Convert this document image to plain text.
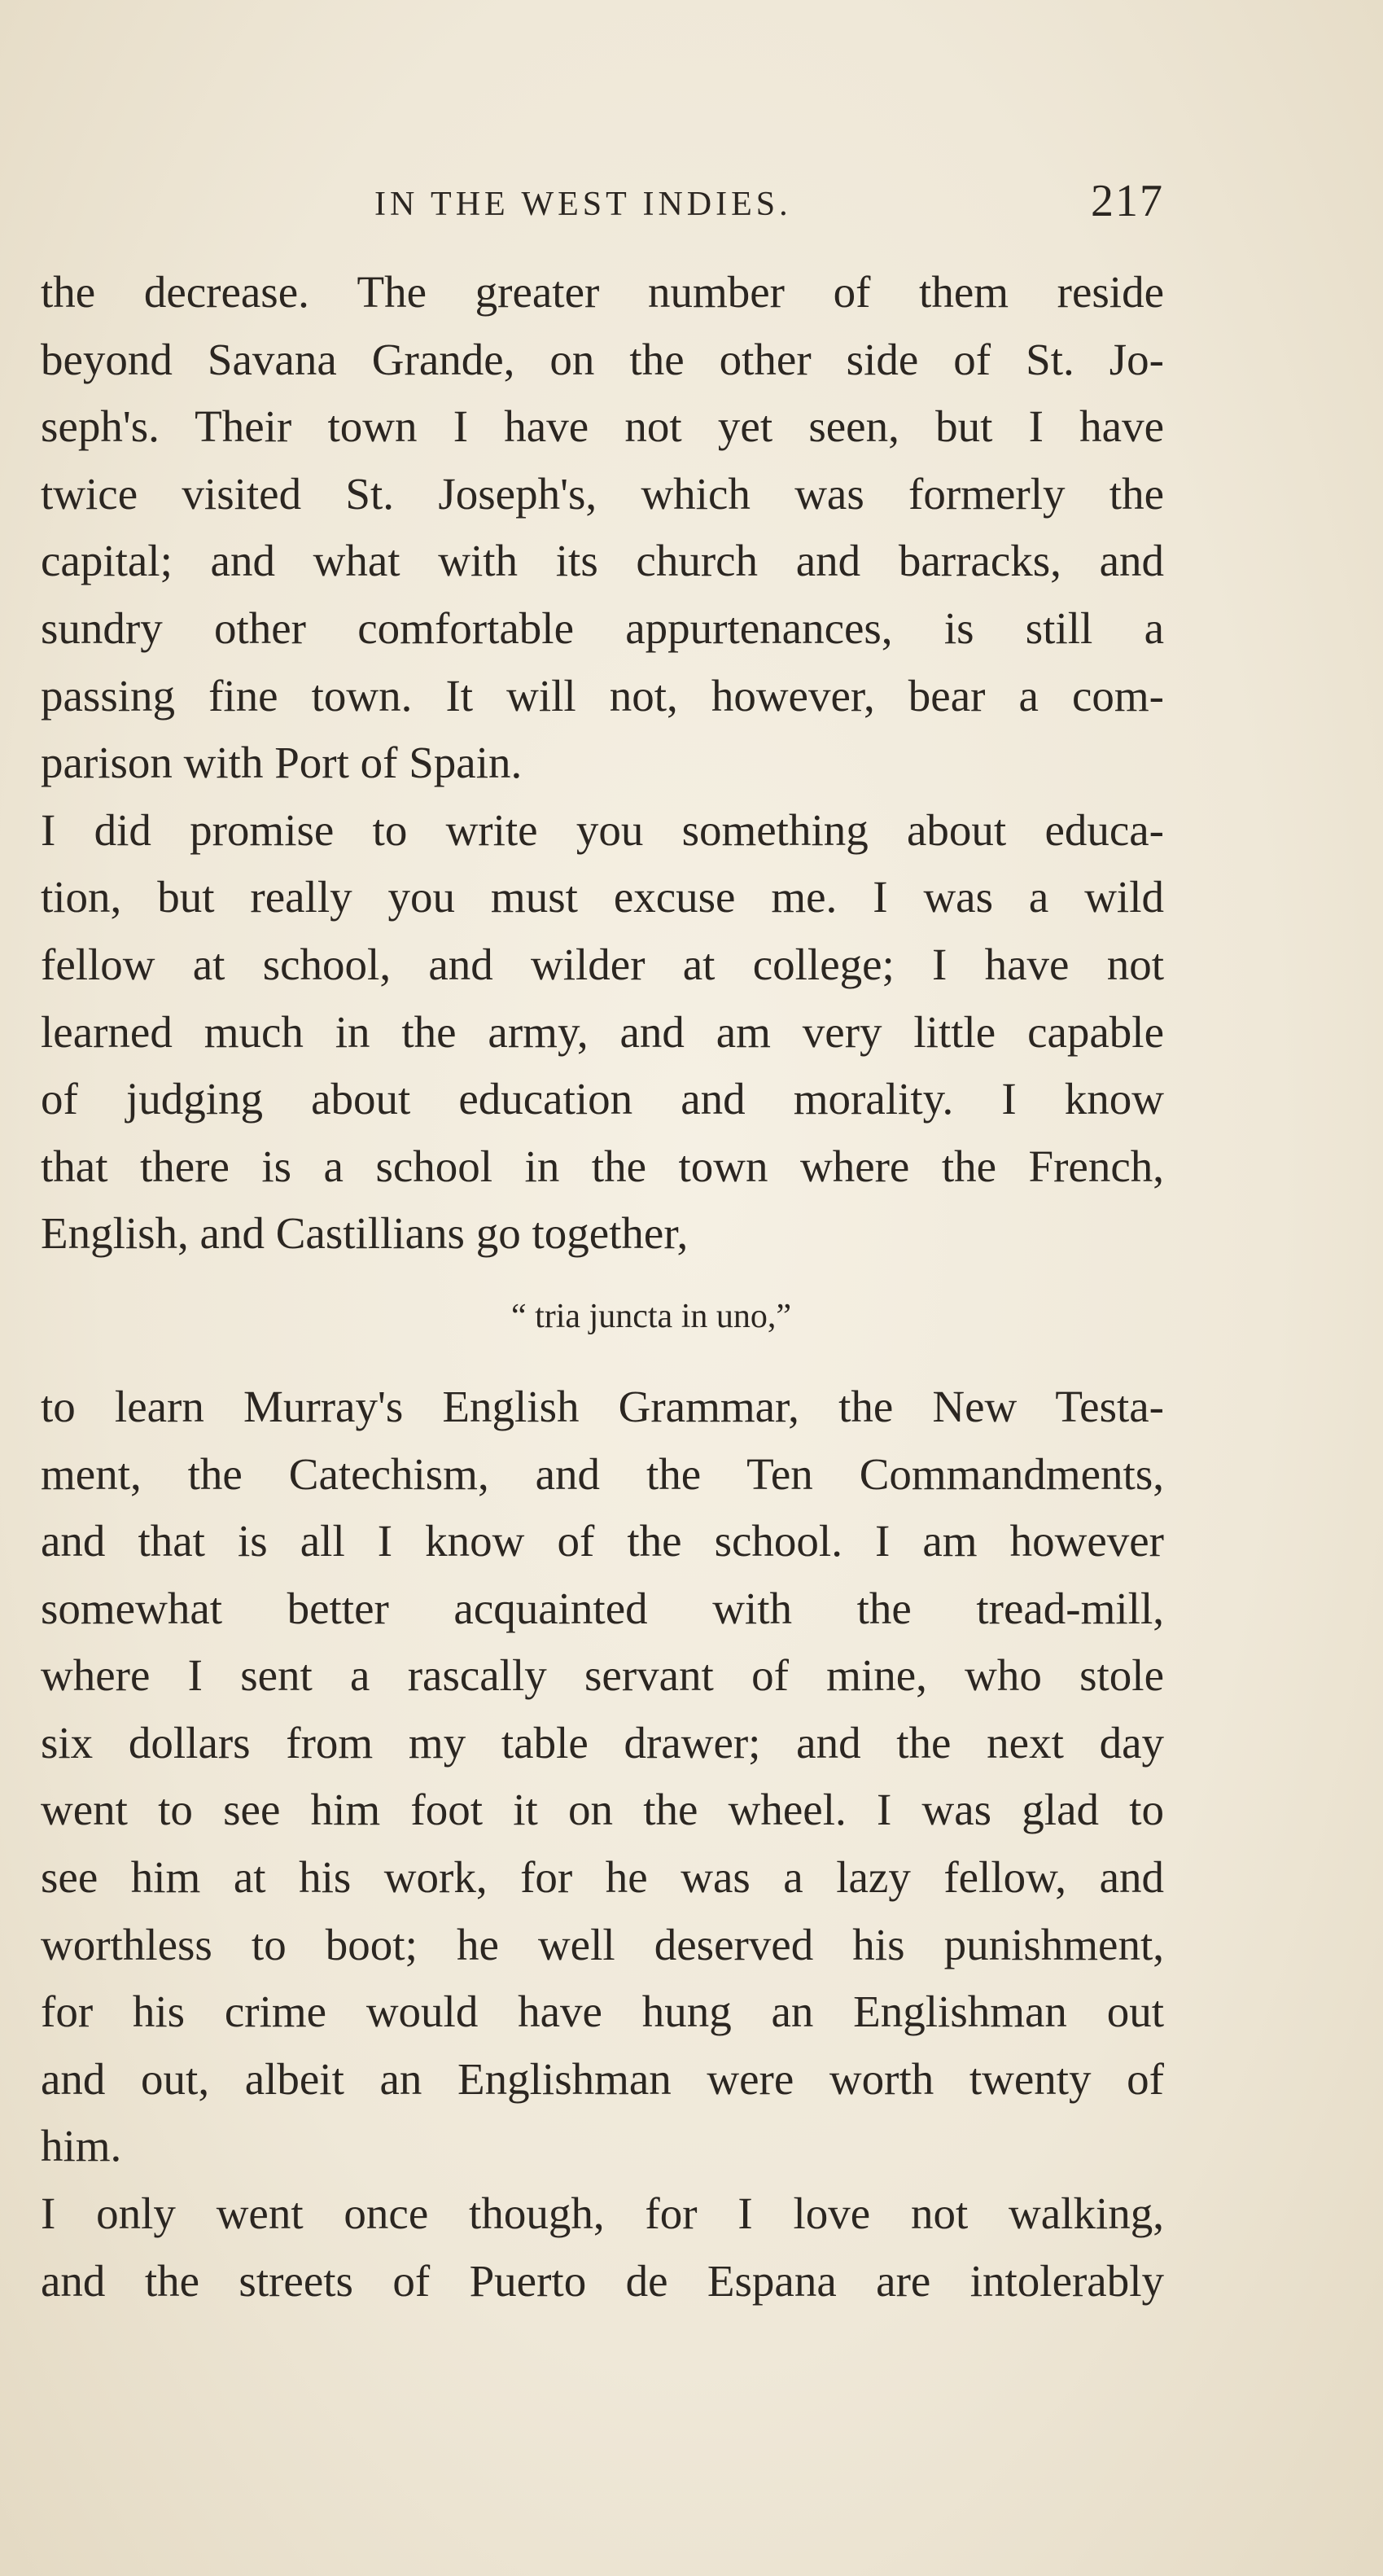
IN THE WEST INDIES.	217
the decrease. The greater number of them reside
beyond Savana Grande, on the other side of St. Jo-
seph's. Their town I have not yet seen, but I have
twice visited St. Joseph's, which was formerly the
capital; and what with its church and barracks, and
sundry other comfortable appurtenances, is still a
passing fine town. It will not, however, bear a com-
parison with Port of Spain.
I did promise to write you something about educa-
tion, but really you must excuse me. I was a wild
fellow at school, and wilder at college; I have not
learned much in the army, and am very little capable
of judging about education and morality. I know
that there is a school in the town where the French,
English, and Castillians go together,
“ tria juncta in uno,”
to learn Murray's English Grammar, the New Testa-
ment, the Catechism, and the Ten Commandments,
and that is all I know of the school. I am however
somewhat better acquainted with the tread-mill,
where I sent a rascally servant of mine, who stole
six dollars from my table drawer; and the next day
went to see him foot it on the wheel. I was glad to
see him at his work, for he was a lazy fellow, and
worthless to boot; he well deserved his punishment,
for his crime would have hung an Englishman out
and out, albeit an Englishman were worth twenty of
him.
I only went once though, for I love not walking,
and the streets of Puerto de Espana are intolerably
